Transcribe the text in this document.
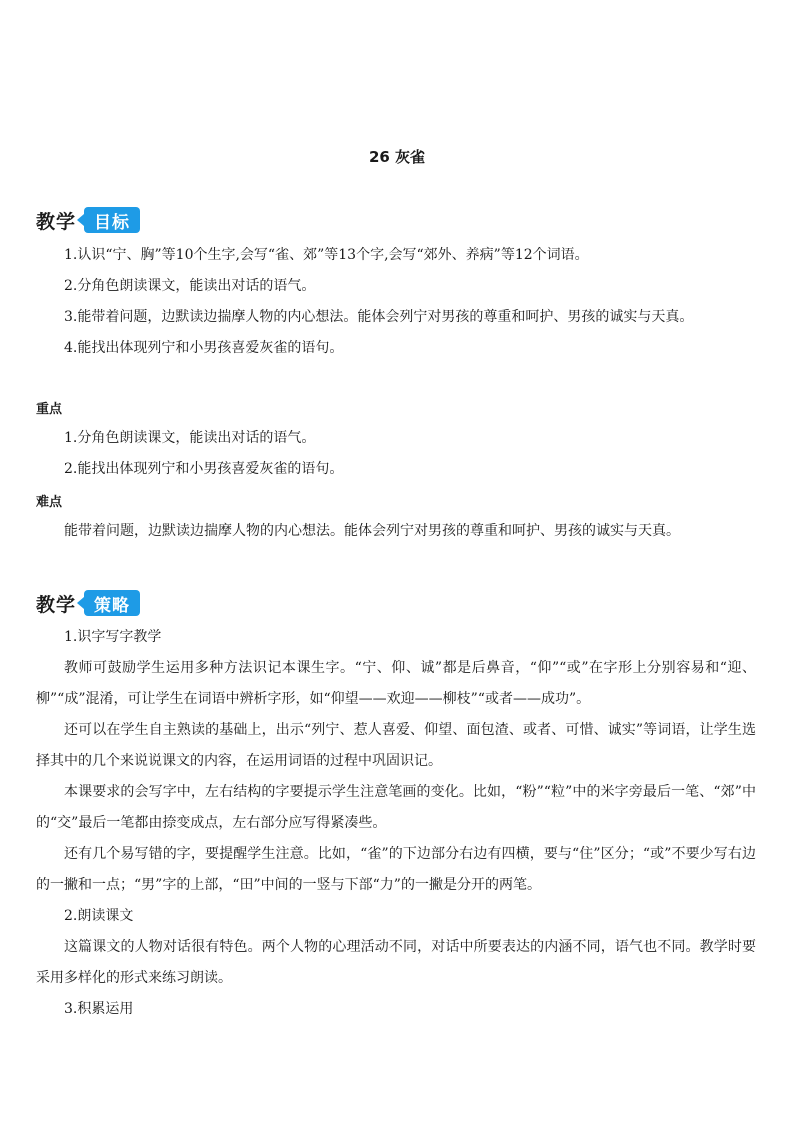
26 灰雀
教学	目标

1.认识“宁、胸”等10个生字,会写“雀、郊”等13个字,会写“郊外、养病”等12个词语。

2.分角色朗读课文，能读出对话的语气。

3.能带着问题，边默读边揣摩人物的内心想法。能体会列宁对男孩的尊重和呵护、男孩的诚实与天真。

4.能找出体现列宁和小男孩喜爱灰雀的语句。

重点

1.分角色朗读课文，能读出对话的语气。

2.能找出体现列宁和小男孩喜爱灰雀的语句。

难点

能带着问题，边默读边揣摩人物的内心想法。能体会列宁对男孩的尊重和呵护、男孩的诚实与天真。

教学	策略

1.识字写字教学

教师可鼓励学生运用多种方法识记本课生字。“宁、仰、诚”都是后鼻音，“仰”“或”在字形上分别容易和“迎、柳”“成”混淆，可让学生在词语中辨析字形，如“仰望——欢迎——柳枝”“或者——成功”。

还可以在学生自主熟读的基础上，出示“列宁、惹人喜爱、仰望、面包渣、或者、可惜、诚实”等词语，让学生选择其中的几个来说说课文的内容，在运用词语的过程中巩固识记。

本课要求的会写字中，左右结构的字要提示学生注意笔画的变化。比如，“粉”“粒”中的米字旁最后一笔、“郊”中的“交”最后一笔都由捺变成点，左右部分应写得紧凑些。

还有几个易写错的字，要提醒学生注意。比如，“雀”的下边部分右边有四横，要与“住”区分；“或”不要少写右边的一撇和一点；“男”字的上部，“田”中间的一竖与下部“力”的一撇是分开的两笔。

2.朗读课文

这篇课文的人物对话很有特色。两个人物的心理活动不同，对话中所要表达的内涵不同，语气也不同。教学时要采用多样化的形式来练习朗读。

3.积累运用
